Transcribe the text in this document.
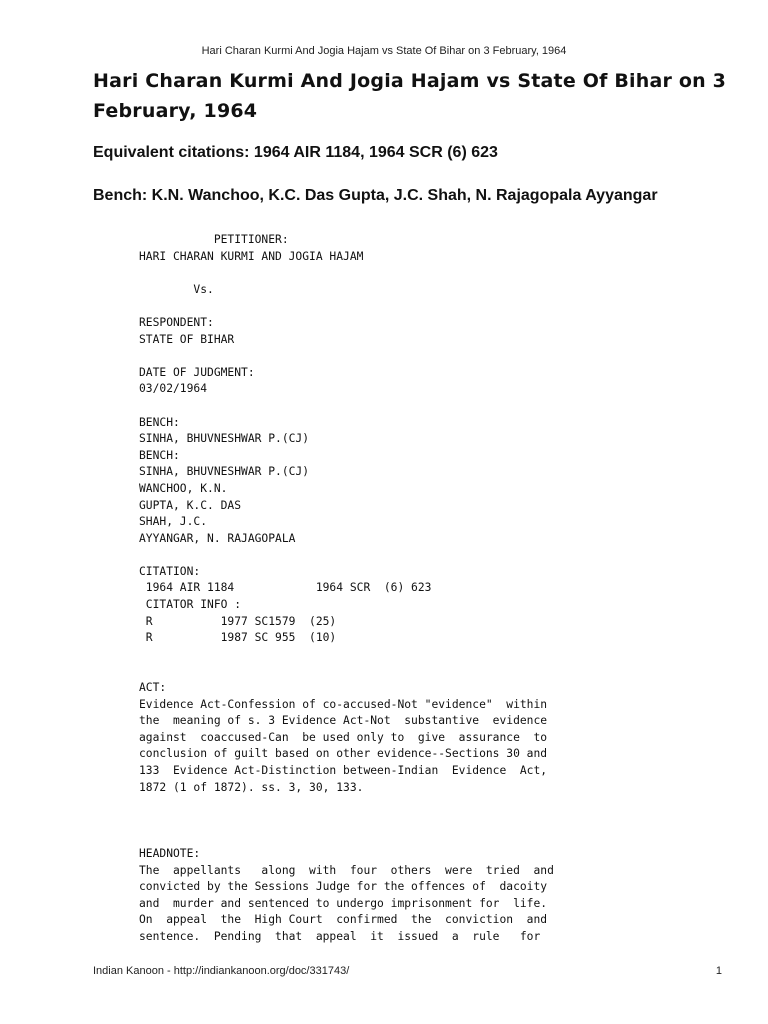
Hari Charan Kurmi And Jogia Hajam vs State Of Bihar on 3 February, 1964
Hari Charan Kurmi And Jogia Hajam vs State Of Bihar on 3 February, 1964
Equivalent citations: 1964 AIR 1184, 1964 SCR (6) 623
Bench: K.N. Wanchoo, K.C. Das Gupta, J.C. Shah, N. Rajagopala Ayyangar
PETITIONER:
HARI CHARAN KURMI AND JOGIA HAJAM

Vs.

RESPONDENT:
STATE OF BIHAR

DATE OF JUDGMENT:
03/02/1964

BENCH:
SINHA, BHUVNESHWAR P.(CJ)
BENCH:
SINHA, BHUVNESHWAR P.(CJ)
WANCHOO, K.N.
GUPTA, K.C. DAS
SHAH, J.C.
AYYANGAR, N. RAJAGOPALA

CITATION:
1964 AIR 1184            1964 SCR  (6) 623
CITATOR INFO :
R          1977 SC1579  (25)
R          1987 SC 955  (10)

ACT:
Evidence Act-Confession of co-accused-Not "evidence"  within
the  meaning of s. 3 Evidence Act-Not  substantive  evidence
against  coaccused-Can  be used only to  give  assurance  to
conclusion of guilt based on other evidence--Sections 30 and
133  Evidence Act-Distinction between-Indian  Evidence  Act,
1872 (1 of 1872). ss. 3, 30, 133.

HEADNOTE:
The  appellants   along  with  four  others  were  tried  and
convicted by the Sessions Judge for the offences of  dacoity
and  murder and sentenced to undergo imprisonment for  life.
On  appeal  the  High Court  confirmed  the  conviction  and
sentence.  Pending  that  appeal  it  issued  a  rule   for

Indian Kanoon - http://indiankanoon.org/doc/331743/	1
